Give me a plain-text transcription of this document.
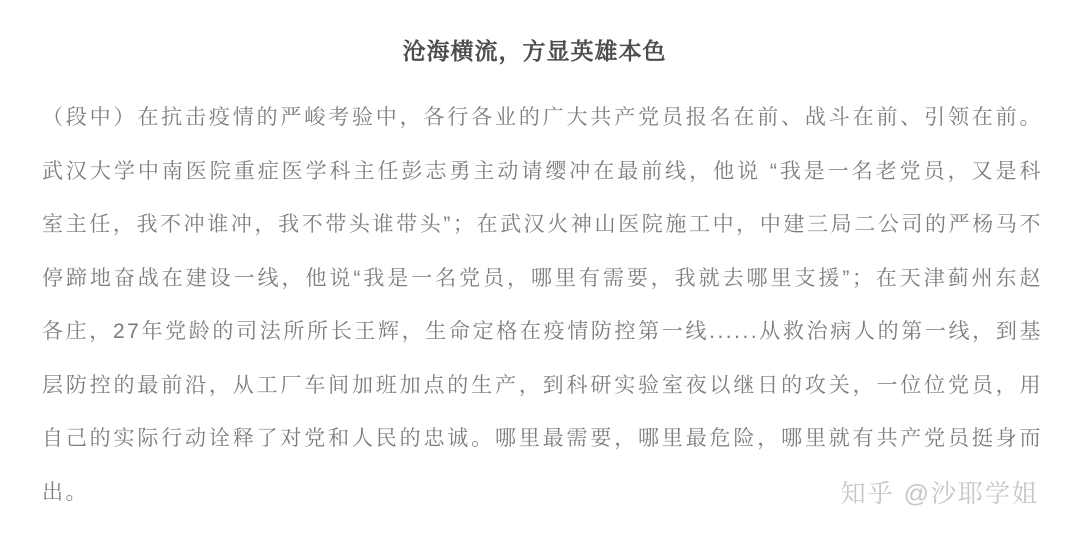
沧海横流，方显英雄本色

（段中）在抗击疫情的严峻考验中，各行各业的广大共产党员报名在前、战斗在前、引领在前。武汉大学中南医院重症医学科主任彭志勇主动请缨冲在最前线，他说 “我是一名老党员，又是科室主任，我不冲谁冲，我不带头谁带头”；在武汉火神山医院施工中，中建三局二公司的严杨马不停蹄地奋战在建设一线，他说“我是一名党员，哪里有需要，我就去哪里支援”；在天津蓟州东赵各庄，27年党龄的司法所所长王辉，生命定格在疫情防控第一线......从救治病人的第一线，到基层防控的最前沿，从工厂车间加班加点的生产，到科研实验室夜以继日的攻关，一位位党员，用自己的实际行动诠释了对党和人民的忠诚。哪里最需要，哪里最危险，哪里就有共产党员挺身而出。	知乎 @沙耶学姐
